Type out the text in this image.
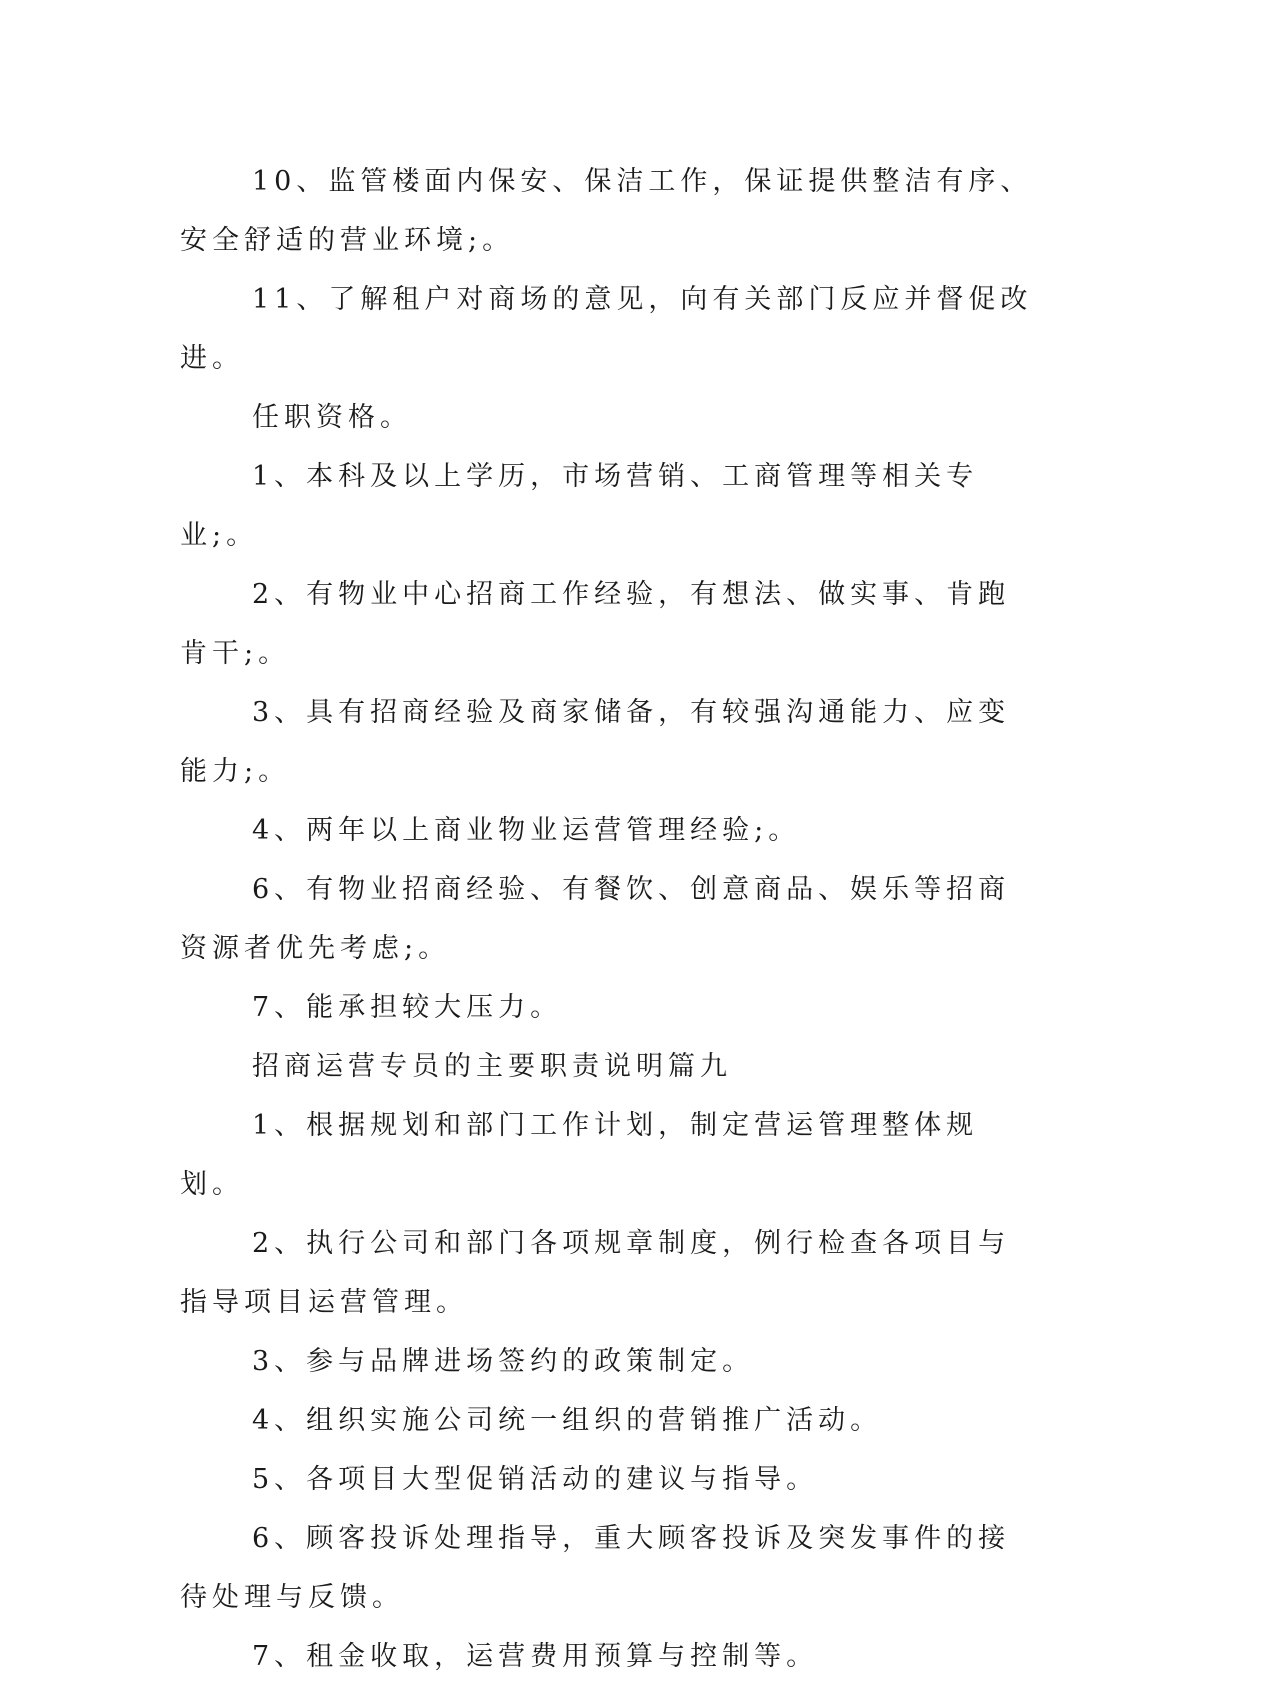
10、监管楼面内保安、保洁工作，保证提供整洁有序、安全舒适的营业环境;。

11、了解租户对商场的意见，向有关部门反应并督促改进。

任职资格。

1、本科及以上学历，市场营销、工商管理等相关专业;。

2、有物业中心招商工作经验，有想法、做实事、肯跑肯干;。

3、具有招商经验及商家储备，有较强沟通能力、应变能力;。

4、两年以上商业物业运营管理经验;。

6、有物业招商经验、有餐饮、创意商品、娱乐等招商资源者优先考虑;。

7、能承担较大压力。

招商运营专员的主要职责说明篇九

1、根据规划和部门工作计划，制定营运管理整体规划。

2、执行公司和部门各项规章制度，例行检查各项目与指导项目运营管理。

3、参与品牌进场签约的政策制定。

4、组织实施公司统一组织的营销推广活动。

5、各项目大型促销活动的建议与指导。

6、顾客投诉处理指导，重大顾客投诉及突发事件的接待处理与反馈。

7、租金收取，运营费用预算与控制等。
